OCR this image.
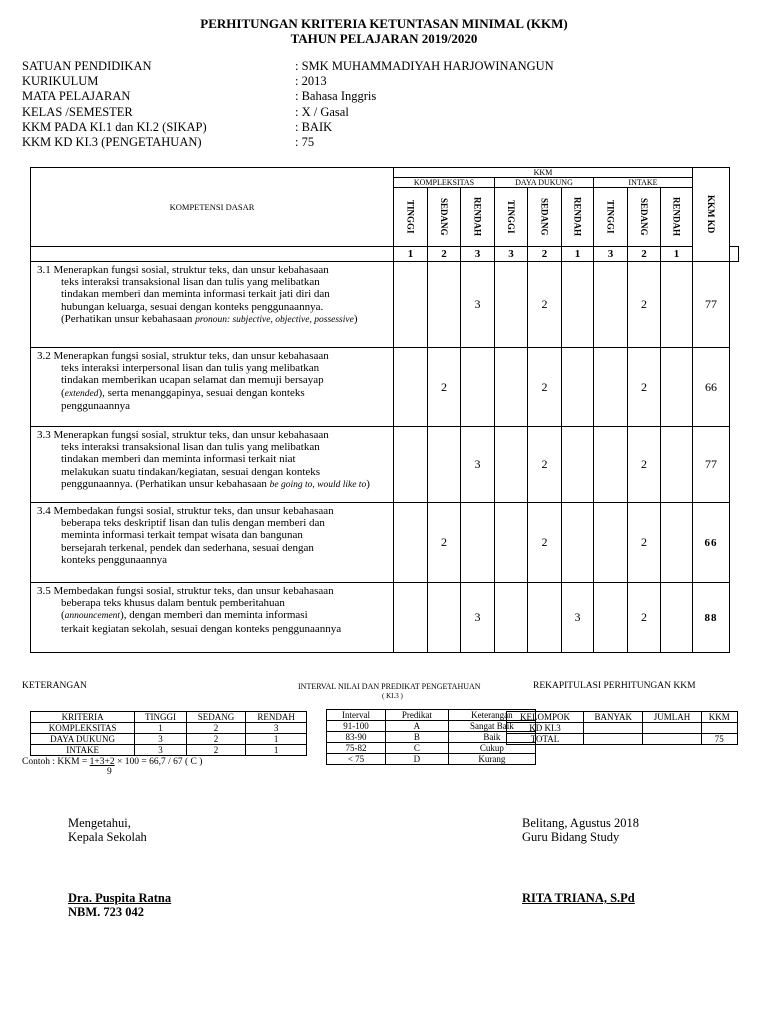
PERHITUNGAN KRITERIA KETUNTASAN MINIMAL (KKM)
TAHUN PELAJARAN 2019/2020
SATUAN PENDIDIKAN	: SMK MUHAMMADIYAH HARJOWINANGUN
KURIKULUM	: 2013
MATA PELAJARAN	: Bahasa Inggris
KELAS /SEMESTER	: X / Gasal
KKM PADA KI.1 dan KI.2 (SIKAP)	: BAIK
KKM KD KI.3 (PENGETAHUAN)	: 75
KOMPETENSI DASAR	KKM									KKM KD	

	KOMPLEKSITAS			DAYA DUKUNG			INTAKE				

	TINGGI	SEDANG	RENDAH	TINGGI	SEDANG	RENDAH	TINGGI	SEDANG	RENDAH		

	1	2	3	3	2	1	3	2	1		

3.1 Menerapkan fungsi sosial, struktur teks, dan unsur kebahasaan
teks interaksi transaksional lisan dan tulis yang melibatkan
tindakan memberi dan meminta informasi terkait jati diri dan
hubungan keluarga, sesuai dengan konteks penggunaannya.
(Perhatikan unsur kebahasaan pronoun: subjective, objective, possessive)			3		2			2		77	

3.2 Menerapkan fungsi sosial, struktur teks, dan unsur kebahasaan
teks interaksi interpersonal lisan dan tulis yang melibatkan
tindakan memberikan ucapan selamat dan memuji bersayap
(extended), serta menanggapinya, sesuai dengan konteks
penggunaannya		2			2			2		66	

3.3 Menerapkan fungsi sosial, struktur teks, dan unsur kebahasaan
teks interaksi transaksional lisan dan tulis yang melibatkan
tindakan memberi dan meminta informasi terkait niat
melakukan suatu tindakan/kegiatan, sesuai dengan konteks
penggunaannya. (Perhatikan unsur kebahasaan be going to, would like to)			3		2			2		77	

3.4 Membedakan fungsi sosial, struktur teks, dan unsur kebahasaan
beberapa teks deskriptif lisan dan tulis dengan memberi dan
meminta informasi terkait tempat wisata dan bangunan
bersejarah terkenal, pendek dan sederhana, sesuai dengan
konteks penggunaannya		2			2			2		66	

3.5 Membedakan fungsi sosial, struktur teks, dan unsur kebahasaan
beberapa teks khusus dalam bentuk pemberitahuan
(announcement), dengan memberi dan meminta informasi
terkait kegiatan sekolah, sesuai dengan konteks penggunaannya			3			3		2		88	
KETERANGAN
KRITERIA	TINGGI	SEDANG	RENDAH
KOMPLEKSITAS	1	2	3
DAYA DUKUNG	3	2	1
INTAKE	3	2	1
Contoh : KKM = 1+3+2 × 100 = 66,7 / 67 ( C )
9
INTERVAL NILAI DAN PREDIKAT PENGETAHUAN
( KI.3 )
Interval	Predikat	Keterangan
91-100	A	Sangat Baik
83-90	B	Baik
75-82	C	Cukup
< 75	D	Kurang
REKAPITULASI PERHITUNGAN KKM
KELOMPOK	BANYAK	JUMLAH	KKM
KD KI.3			
TOTAL			75
Mengetahui,
Kepala Sekolah
Dra. Puspita Ratna
NBM. 723 042
Belitang, Agustus 2018
Guru Bidang Study
RITA TRIANA, S.Pd
